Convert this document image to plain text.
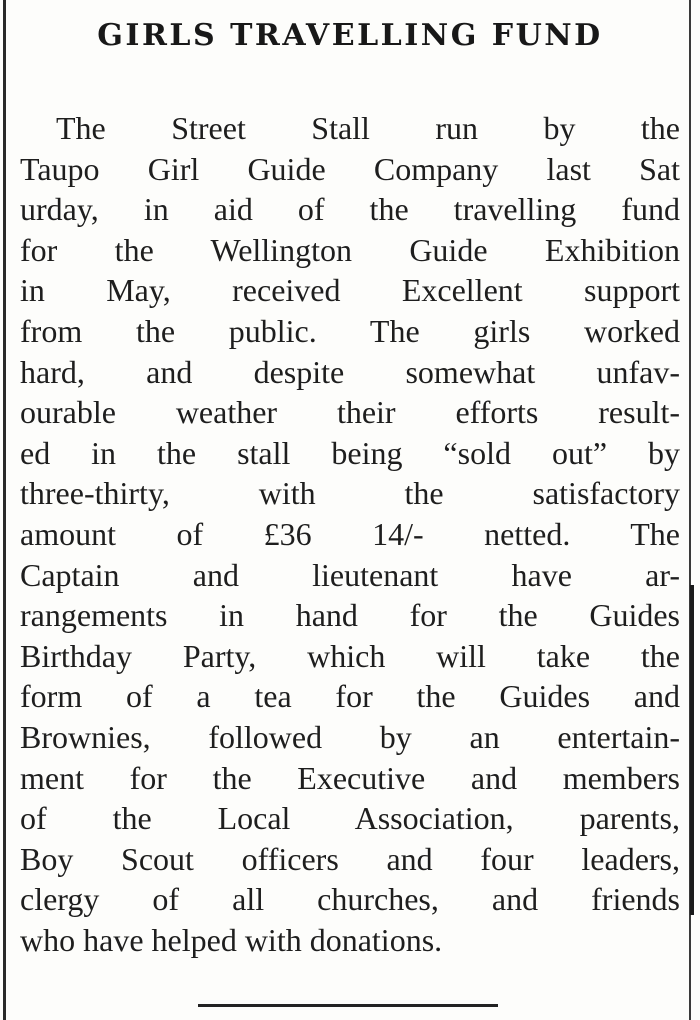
GIRLS TRAVELLING FUND
The Street Stall run by the
Taupo Girl Guide Company last Sat
urday, in aid of the travelling fund
for the Wellington Guide Exhibition
in May, received Excellent support
from the public. The girls worked
hard, and despite somewhat unfav-
ourable weather their efforts result-
ed in the stall being “sold out” by
three-thirty, with the satisfactory
amount of £36 14/- netted. The
Captain and lieutenant have ar-
rangements in hand for the Guides
Birthday Party, which will take the
form of a tea for the Guides and
Brownies, followed by an entertain-
ment for the Executive and members
of the Local Association, parents,
Boy Scout officers and four leaders,
clergy of all churches, and friends
who have helped with donations.
